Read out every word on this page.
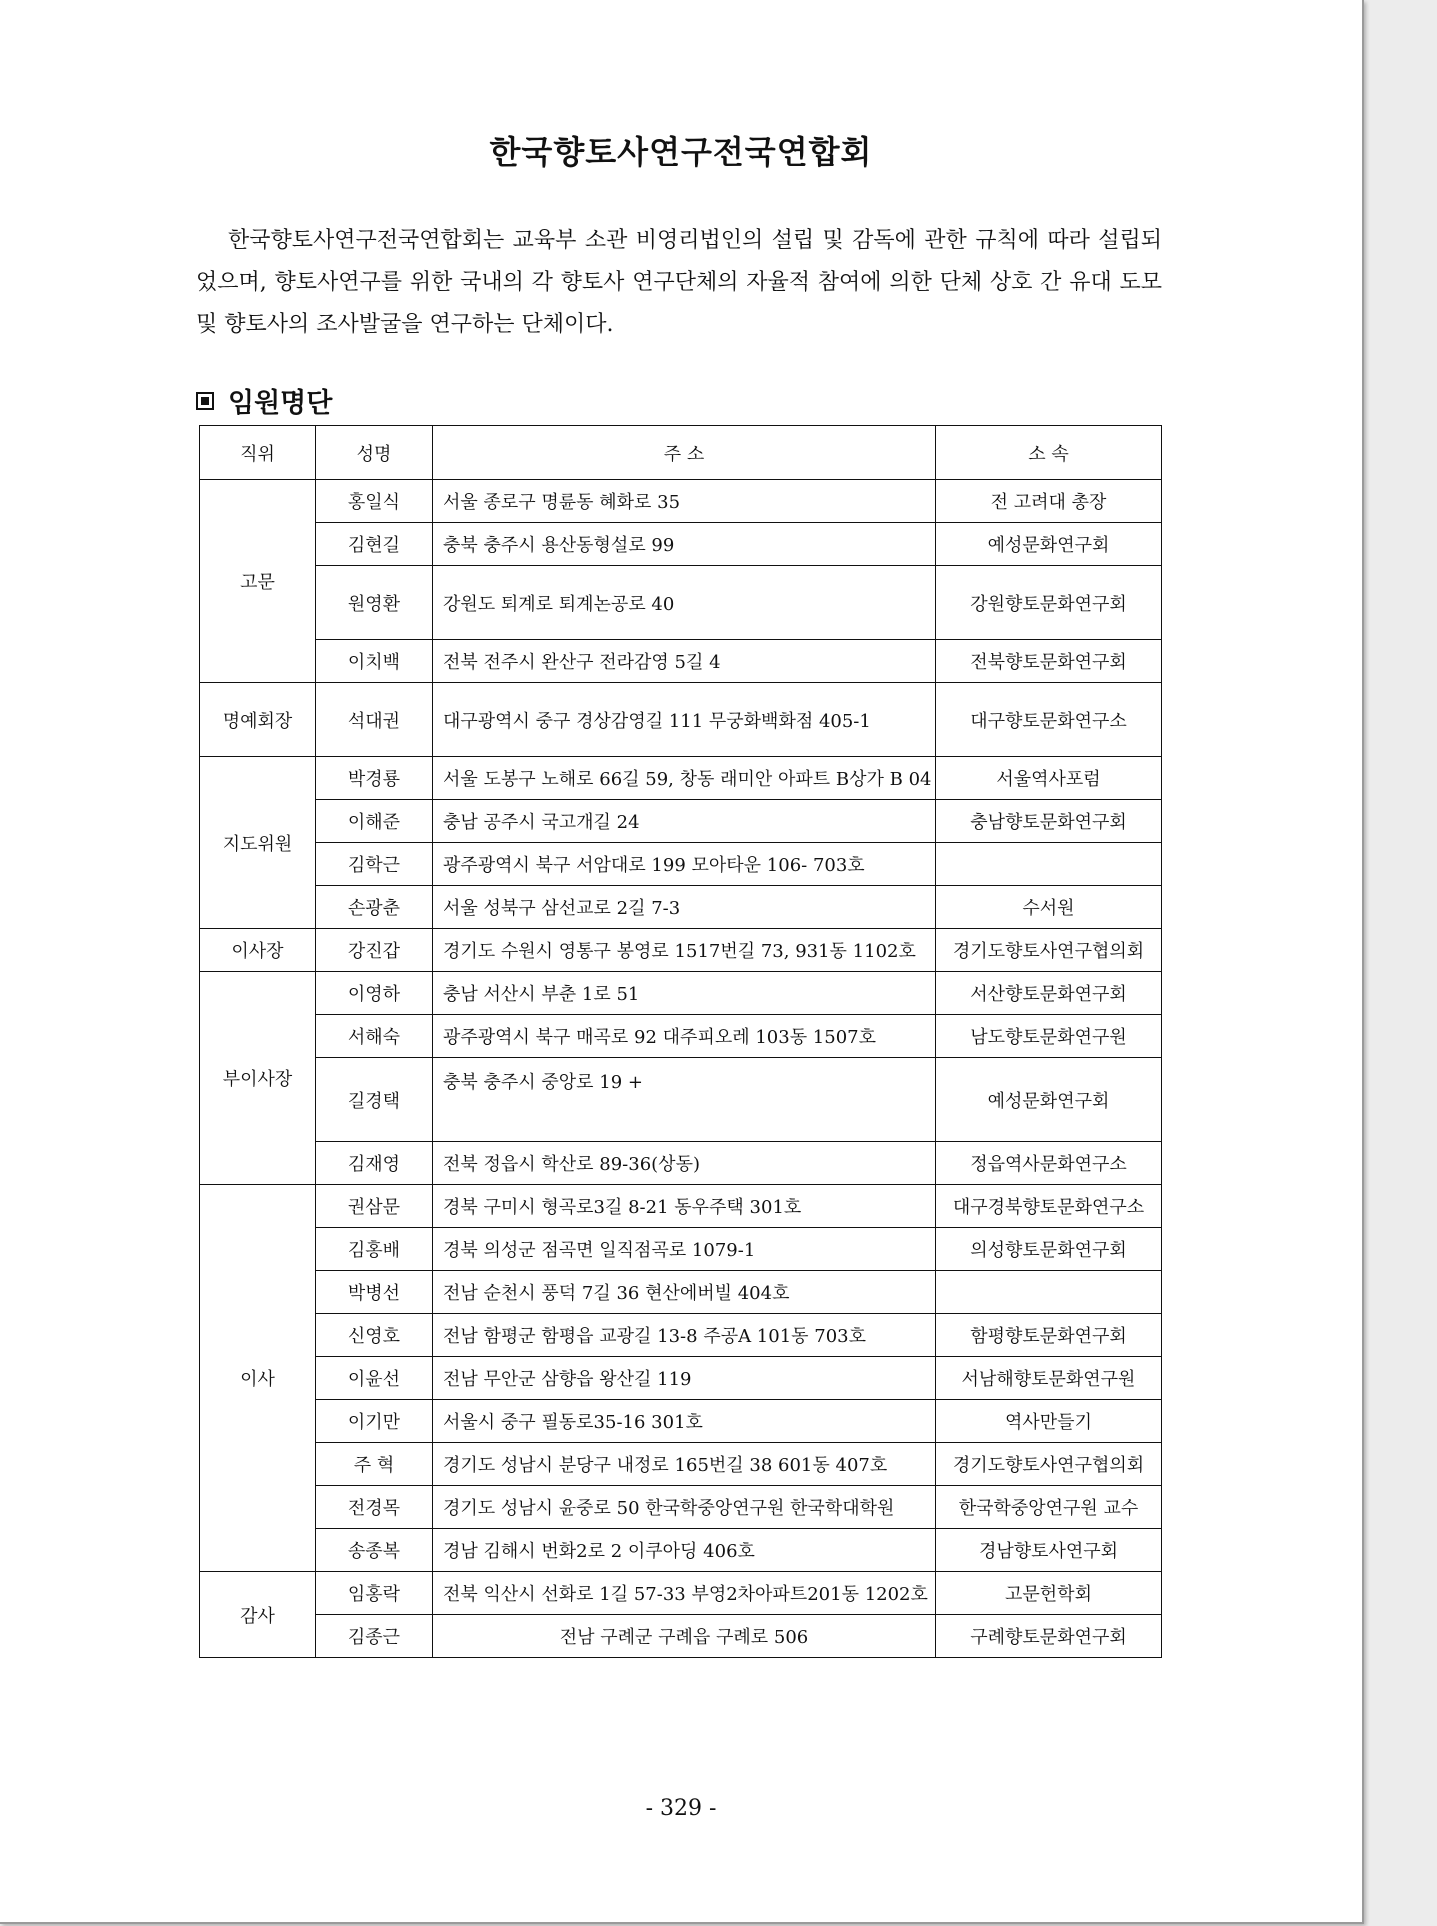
한국향토사연구전국연합회

한국향토사연구전국연합회는 교육부 소관 비영리법인의 설립 및 감독에 관한 규칙에 따라 설립되었으며, 향토사연구를 위한 국내의 각 향토사 연구단체의 자율적 참여에 의한 단체 상호 간 유대 도모 및 향토사의 조사발굴을 연구하는 단체이다.

임원명단
직위	성명	주 소	소 속
고문	홍일식	서울 종로구 명륜동 혜화로 35	전 고려대 총장
	김현길	충북 충주시 용산동형설로 99	예성문화연구회
	원영환	강원도 퇴계로 퇴계논공로 40	강원향토문화연구회
	이치백	전북 전주시 완산구 전라감영 5길 4	전북향토문화연구회
명예회장	석대권	대구광역시 중구 경상감영길 111 무궁화백화점 405-1	대구향토문화연구소
지도위원	박경룡	서울 도봉구 노해로 66길 59, 창동 래미안 아파트 B상가 B 04	서울역사포럼
	이해준	충남 공주시 국고개길 24	충남향토문화연구회
	김학근	광주광역시 북구 서암대로 199 모아타운 106- 703호	
	손광춘	서울 성북구 삼선교로 2길 7-3	수서원
이사장	강진갑	경기도 수원시 영통구 봉영로 1517번길 73, 931동 1102호	경기도향토사연구협의회
부이사장	이영하	충남 서산시 부춘 1로 51	서산향토문화연구회
	서해숙	광주광역시 북구 매곡로 92 대주피오레 103동 1507호	남도향토문화연구원
	길경택	충북 충주시 중앙로 19 +	예성문화연구회
	김재영	전북 정읍시 학산로 89-36(상동)	정읍역사문화연구소
이사	권삼문	경북 구미시 형곡로3길 8-21 동우주택 301호	대구경북향토문화연구소
	김홍배	경북 의성군 점곡면 일직점곡로 1079-1	의성향토문화연구회
	박병선	전남 순천시 풍덕 7길 36 현산에버빌 404호	
	신영호	전남 함평군 함평읍 교광길 13-8 주공A 101동 703호	함평향토문화연구회
	이윤선	전남 무안군 삼향읍 왕산길 119	서남해향토문화연구원
	이기만	서울시 중구 필동로35-16 301호	역사만들기
	주 혁	경기도 성남시 분당구 내정로 165번길 38 601동 407호	경기도향토사연구협의회
	전경목	경기도 성남시 윤중로 50 한국학중앙연구원 한국학대학원	한국학중앙연구원 교수
	송종복	경남 김해시 번화2로 2 이쿠아딩 406호	경남향토사연구회
감사	임홍락	전북 익산시 선화로 1길 57-33 부영2차아파트201동 1202호	고문헌학회
	김종근	전남 구례군 구례읍 구례로 506	구례향토문화연구회
- 329 -
